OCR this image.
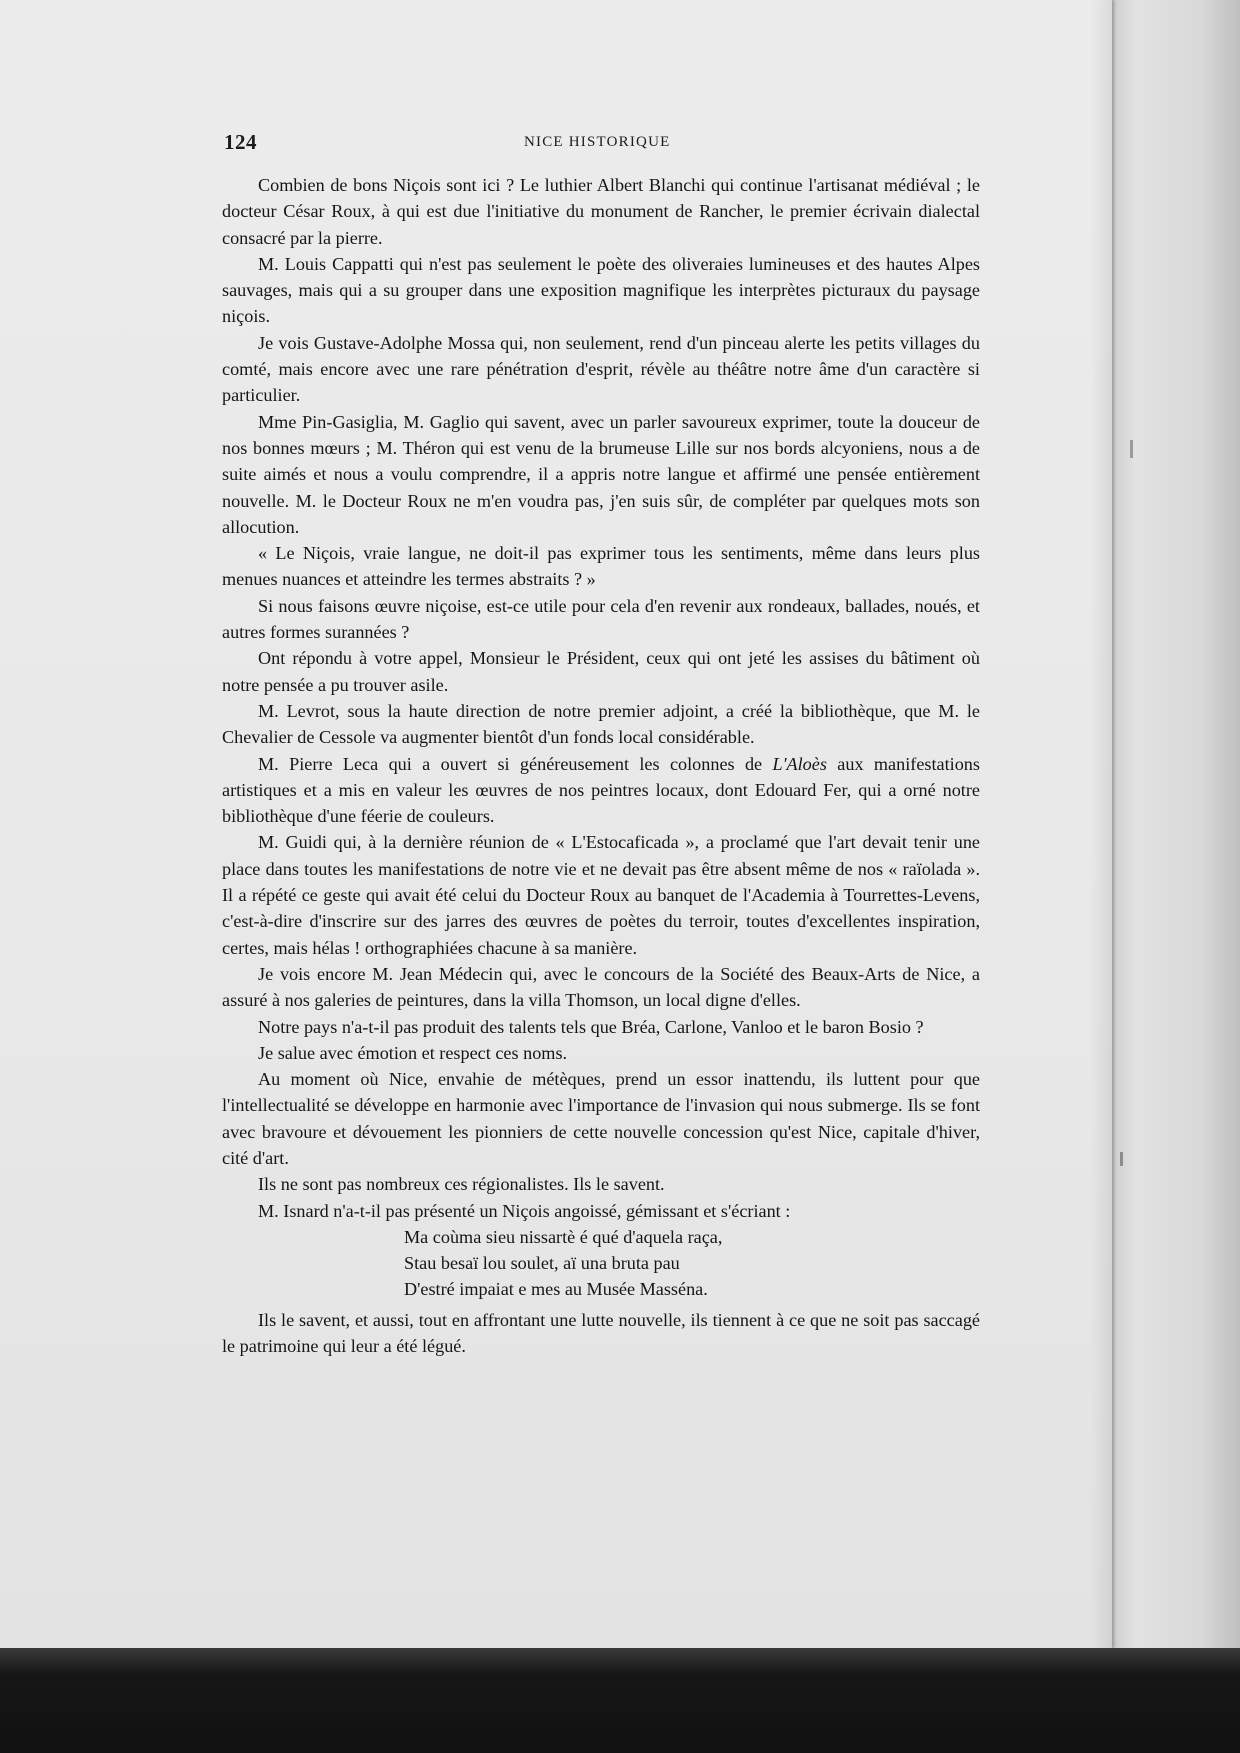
124	NICE HISTORIQUE

Combien de bons Niçois sont ici ? Le luthier Albert Blanchi qui continue l'artisanat médiéval ; le docteur César Roux, à qui est due l'initiative du monument de Rancher, le premier écrivain dialectal consacré par la pierre.

M. Louis Cappatti qui n'est pas seulement le poète des oliveraies lumineuses et des hautes Alpes sauvages, mais qui a su grouper dans une exposition magnifique les interprètes picturaux du paysage niçois.

Je vois Gustave-Adolphe Mossa qui, non seulement, rend d'un pinceau alerte les petits villages du comté, mais encore avec une rare pénétration d'esprit, révèle au théâtre notre âme d'un caractère si particulier.

Mme Pin-Gasiglia, M. Gaglio qui savent, avec un parler savoureux exprimer, toute la douceur de nos bonnes mœurs ; M. Théron qui est venu de la brumeuse Lille sur nos bords alcyoniens, nous a de suite aimés et nous a voulu comprendre, il a appris notre langue et affirmé une pensée entièrement nouvelle. M. le Docteur Roux ne m'en voudra pas, j'en suis sûr, de compléter par quelques mots son allocution.

« Le Niçois, vraie langue, ne doit-il pas exprimer tous les sentiments, même dans leurs plus menues nuances et atteindre les termes abstraits ? »

Si nous faisons œuvre niçoise, est-ce utile pour cela d'en revenir aux rondeaux, ballades, noués, et autres formes surannées ?

Ont répondu à votre appel, Monsieur le Président, ceux qui ont jeté les assises du bâtiment où notre pensée a pu trouver asile.

M. Levrot, sous la haute direction de notre premier adjoint, a créé la bibliothèque, que M. le Chevalier de Cessole va augmenter bientôt d'un fonds local considérable.

M. Pierre Leca qui a ouvert si généreusement les colonnes de L'Aloès aux manifestations artistiques et a mis en valeur les œuvres de nos peintres locaux, dont Edouard Fer, qui a orné notre bibliothèque d'une féerie de couleurs.

M. Guidi qui, à la dernière réunion de « L'Estocaficada », a proclamé que l'art devait tenir une place dans toutes les manifestations de notre vie et ne devait pas être absent même de nos « raïolada ». Il a répété ce geste qui avait été celui du Docteur Roux au banquet de l'Academia à Tourrettes-Levens, c'est-à-dire d'inscrire sur des jarres des œuvres de poètes du terroir, toutes d'excellentes inspiration, certes, mais hélas ! orthographiées chacune à sa manière.

Je vois encore M. Jean Médecin qui, avec le concours de la Société des Beaux-Arts de Nice, a assuré à nos galeries de peintures, dans la villa Thomson, un local digne d'elles.

Notre pays n'a-t-il pas produit des talents tels que Bréa, Carlone, Vanloo et le baron Bosio ?

Je salue avec émotion et respect ces noms.

Au moment où Nice, envahie de métèques, prend un essor inattendu, ils luttent pour que l'intellectualité se développe en harmonie avec l'importance de l'invasion qui nous submerge. Ils se font avec bravoure et dévouement les pionniers de cette nouvelle concession qu'est Nice, capitale d'hiver, cité d'art.

Ils ne sont pas nombreux ces régionalistes. Ils le savent.

M. Isnard n'a-t-il pas présenté un Niçois angoissé, gémissant et s'écriant :

Ma coùma sieu nissartè é qué d'aquela raça,
Stau besaï lou soulet, aï una bruta pau
D'estré impaiat e mes au Musée Masséna.

Ils le savent, et aussi, tout en affrontant une lutte nouvelle, ils tiennent à ce que ne soit pas saccagé le patrimoine qui leur a été légué.
